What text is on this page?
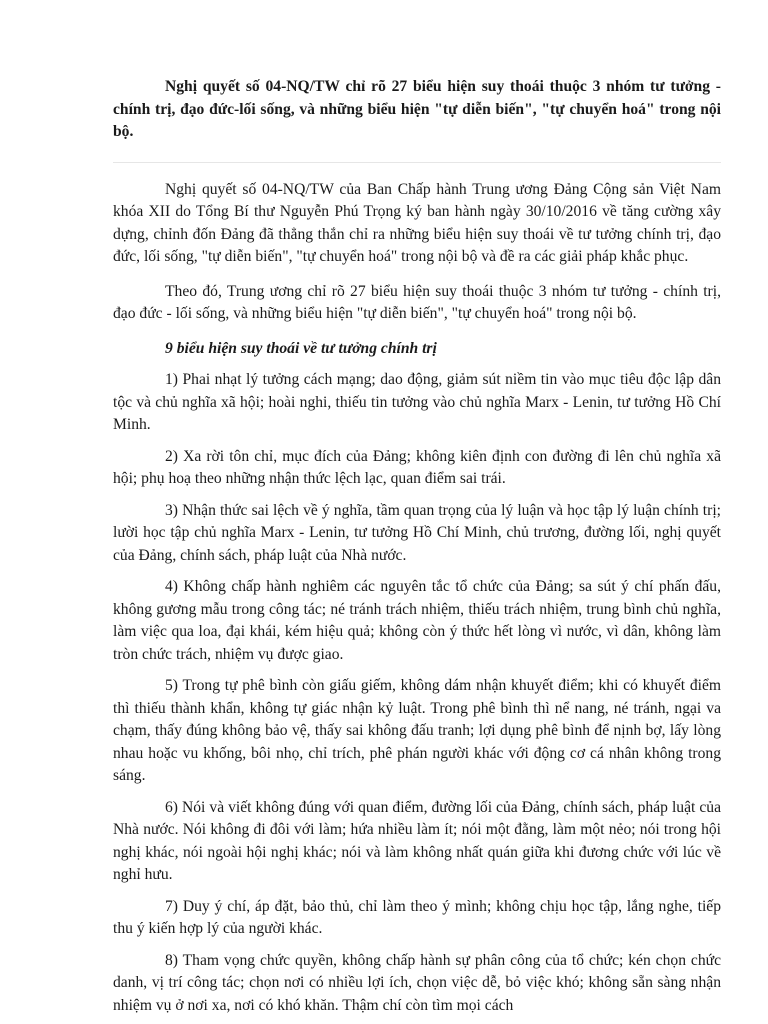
Nghị quyết số 04-NQ/TW chỉ rõ 27 biểu hiện suy thoái thuộc 3 nhóm tư tưởng - chính trị, đạo đức-lối sống, và những biểu hiện "tự diễn biến", "tự chuyển hoá" trong nội bộ.

Nghị quyết số 04-NQ/TW của Ban Chấp hành Trung ương Đảng Cộng sản Việt Nam khóa XII do Tổng Bí thư Nguyễn Phú Trọng ký ban hành ngày 30/10/2016 về tăng cường xây dựng, chỉnh đốn Đảng đã thẳng thắn chỉ ra những biểu hiện suy thoái về tư tưởng chính trị, đạo đức, lối sống, "tự diễn biến", "tự chuyển hoá" trong nội bộ và đề ra các giải pháp khắc phục.

Theo đó, Trung ương chỉ rõ 27 biểu hiện suy thoái thuộc 3 nhóm tư tưởng - chính trị, đạo đức - lối sống, và những biểu hiện "tự diễn biến", "tự chuyển hoá" trong nội bộ.

9 biểu hiện suy thoái về tư tưởng chính trị

1) Phai nhạt lý tưởng cách mạng; dao động, giảm sút niềm tin vào mục tiêu độc lập dân tộc và chủ nghĩa xã hội; hoài nghi, thiếu tin tưởng vào chủ nghĩa Marx - Lenin, tư tưởng Hồ Chí Minh.

2) Xa rời tôn chỉ, mục đích của Đảng; không kiên định con đường đi lên chủ nghĩa xã hội; phụ hoạ theo những nhận thức lệch lạc, quan điểm sai trái.

3) Nhận thức sai lệch về ý nghĩa, tầm quan trọng của lý luận và học tập lý luận chính trị; lười học tập chủ nghĩa Marx - Lenin, tư tưởng Hồ Chí Minh, chủ trương, đường lối, nghị quyết của Đảng, chính sách, pháp luật của Nhà nước.

4) Không chấp hành nghiêm các nguyên tắc tổ chức của Đảng; sa sút ý chí phấn đấu, không gương mẫu trong công tác; né tránh trách nhiệm, thiếu trách nhiệm, trung bình chủ nghĩa, làm việc qua loa, đại khái, kém hiệu quả; không còn ý thức hết lòng vì nước, vì dân, không làm tròn chức trách, nhiệm vụ được giao.

5) Trong tự phê bình còn giấu giếm, không dám nhận khuyết điểm; khi có khuyết điểm thì thiếu thành khẩn, không tự giác nhận kỷ luật. Trong phê bình thì nể nang, né tránh, ngại va chạm, thấy đúng không bảo vệ, thấy sai không đấu tranh; lợi dụng phê bình để nịnh bợ, lấy lòng nhau hoặc vu khống, bôi nhọ, chỉ trích, phê phán người khác với động cơ cá nhân không trong sáng.

6) Nói và viết không đúng với quan điểm, đường lối của Đảng, chính sách, pháp luật của Nhà nước. Nói không đi đôi với làm; hứa nhiều làm ít; nói một đằng, làm một nẻo; nói trong hội nghị khác, nói ngoài hội nghị khác; nói và làm không nhất quán giữa khi đương chức với lúc về nghỉ hưu.

7) Duy ý chí, áp đặt, bảo thủ, chỉ làm theo ý mình; không chịu học tập, lắng nghe, tiếp thu ý kiến hợp lý của người khác.

8) Tham vọng chức quyền, không chấp hành sự phân công của tổ chức; kén chọn chức danh, vị trí công tác; chọn nơi có nhiều lợi ích, chọn việc dễ, bỏ việc khó; không sẵn sàng nhận nhiệm vụ ở nơi xa, nơi có khó khăn. Thậm chí còn tìm mọi cách
